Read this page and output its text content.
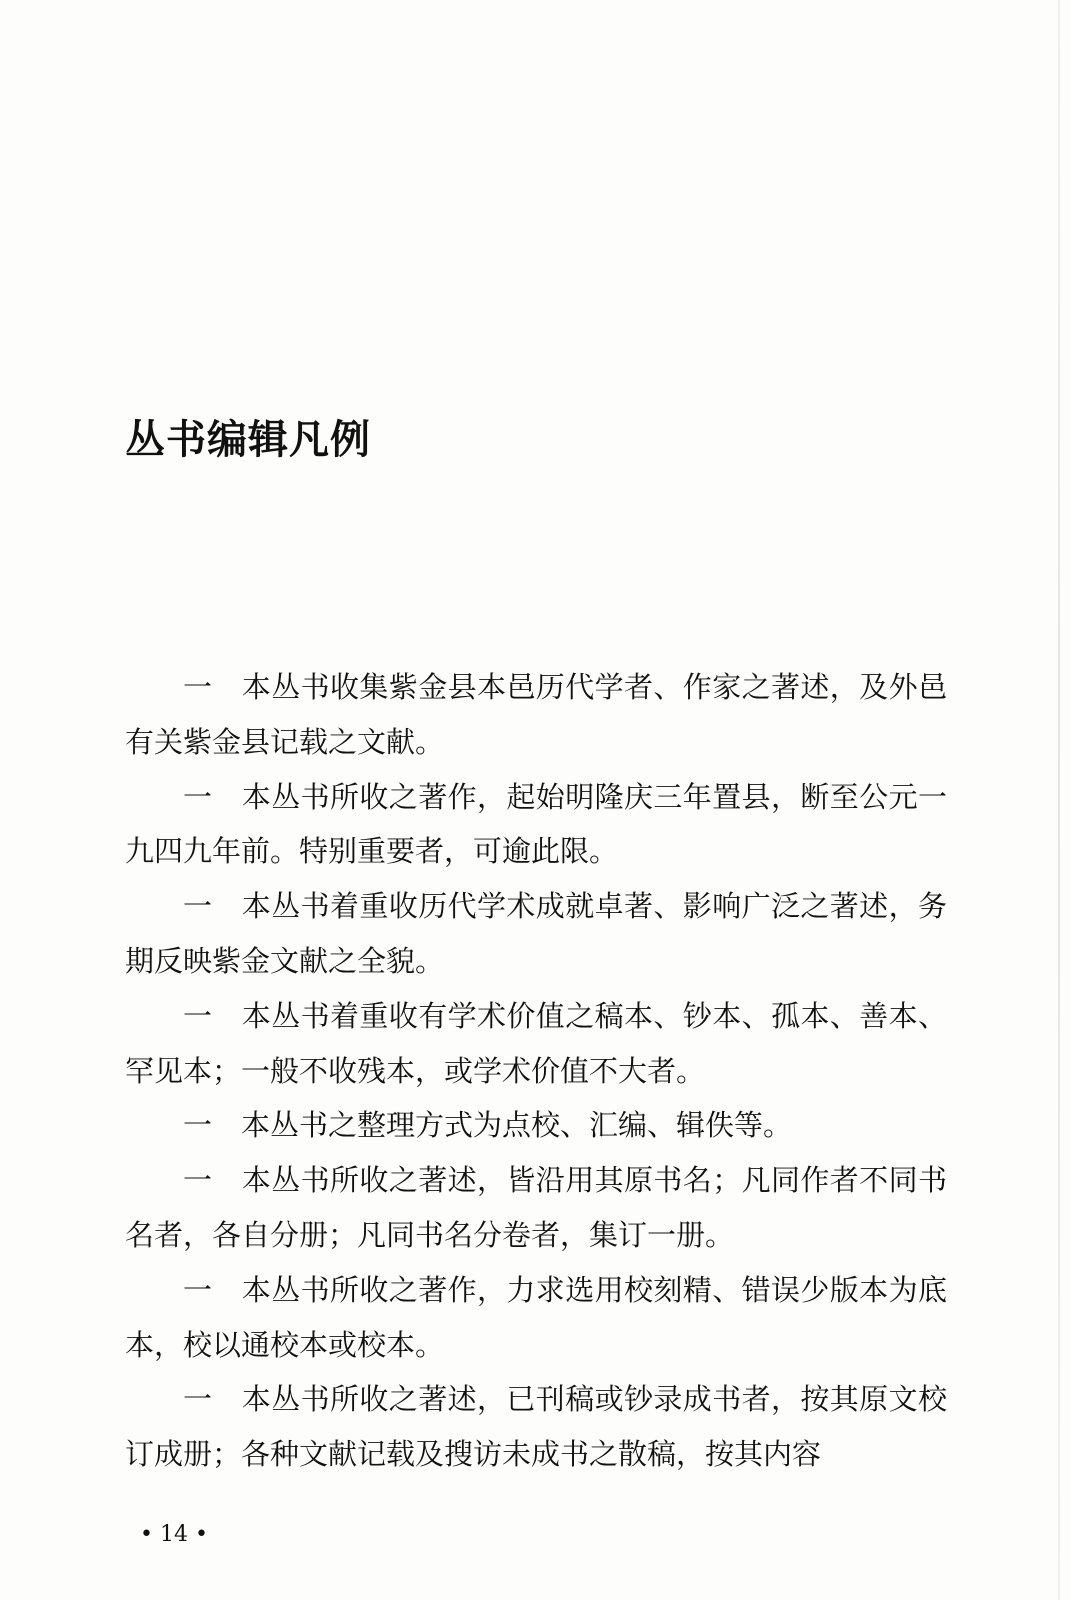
丛书编辑凡例

一　本丛书收集紫金县本邑历代学者、作家之著述，及外邑有关紫金县记载之文献。

一　本丛书所收之著作，起始明隆庆三年置县，断至公元一九四九年前。特别重要者，可逾此限。

一　本丛书着重收历代学术成就卓著、影响广泛之著述，务期反映紫金文献之全貌。

一　本丛书着重收有学术价值之稿本、钞本、孤本、善本、罕见本；一般不收残本，或学术价值不大者。

一　本丛书之整理方式为点校、汇编、辑佚等。

一　本丛书所收之著述，皆沿用其原书名；凡同作者不同书名者，各自分册；凡同书名分卷者，集订一册。

一　本丛书所收之著作，力求选用校刻精、错误少版本为底本，校以通校本或校本。

一　本丛书所收之著述，已刊稿或钞录成书者，按其原文校订成册；各种文献记载及搜访未成书之散稿，按其内容

• 14 •
